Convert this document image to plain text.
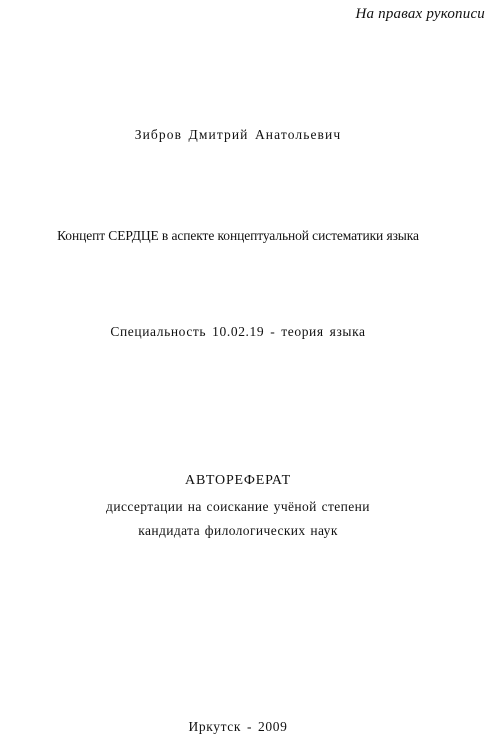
На правах рукописи
Зибров Дмитрий Анатольевич
Концепт СЕРДЦЕ в аспекте концептуальной систематики языка
Специальность 10.02.19 - теория языка
АВТОРЕФЕРАТ
диссертации на соискание учёной степени
кандидата филологических наук
Иркутск - 2009
